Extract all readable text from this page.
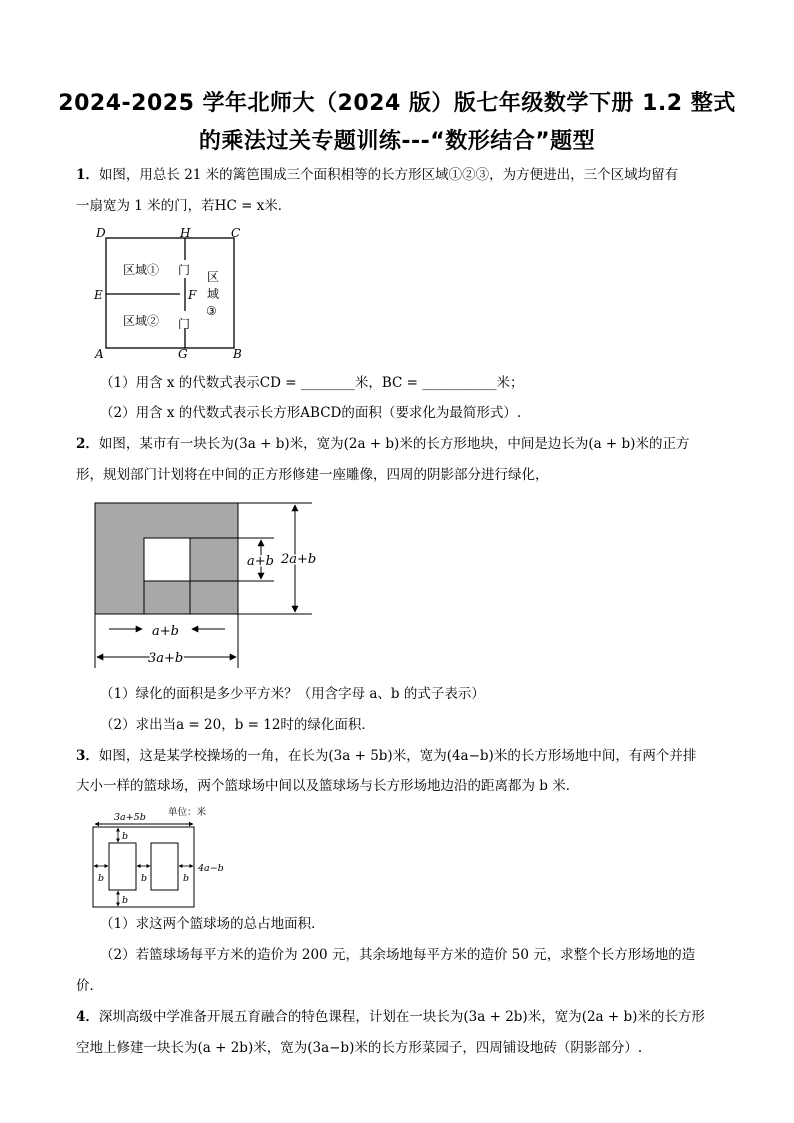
2024-2025 学年北师大（2024 版）版七年级数学下册 1.2 整式
的乘法过关专题训练---“数形结合”题型
1．如图，用总长 21 米的篱笆围成三个面积相等的长方形区域①②③，为方便进出，三个区域均留有
一扇宽为 1 米的门，若HC = x米．
D	H	C
E	F
A	G	B
区域①
区域②
门
门
区
域
③
（1）用含 x 的代数式表示CD = ________米，BC = ___________米；
（2）用含 x 的代数式表示长方形ABCD的面积（要求化为最简形式）.
2．如图，某市有一块长为(3a + b)米，宽为(2a + b)米的长方形地块，中间是边长为(a + b)米的正方
形，规划部门计划将在中间的正方形修建一座雕像，四周的阴影部分进行绿化，
a+b 2a+b
a+b
3a+b
（1）绿化的面积是多少平方米？（用含字母 a、b 的式子表示）
（2）求出当a = 20，b = 12时的绿化面积．
3．如图，这是某学校操场的一角，在长为(3a + 5b)米，宽为(4a−b)米的长方形场地中间，有两个并排
大小一样的篮球场，两个篮球场中间以及篮球场与长方形场地边沿的距离都为 b 米．
3a+5b 单位：米
b
b
b	b	b
4a−b
（1）求这两个篮球场的总占地面积．
（2）若篮球场每平方米的造价为 200 元，其余场地每平方米的造价 50 元，求整个长方形场地的造
价．
4．深圳高级中学准备开展五育融合的特色课程，计划在一块长为(3a + 2b)米，宽为(2a + b)米的长方形
空地上修建一块长为(a + 2b)米，宽为(3a−b)米的长方形菜园子，四周铺设地砖（阴影部分）.
